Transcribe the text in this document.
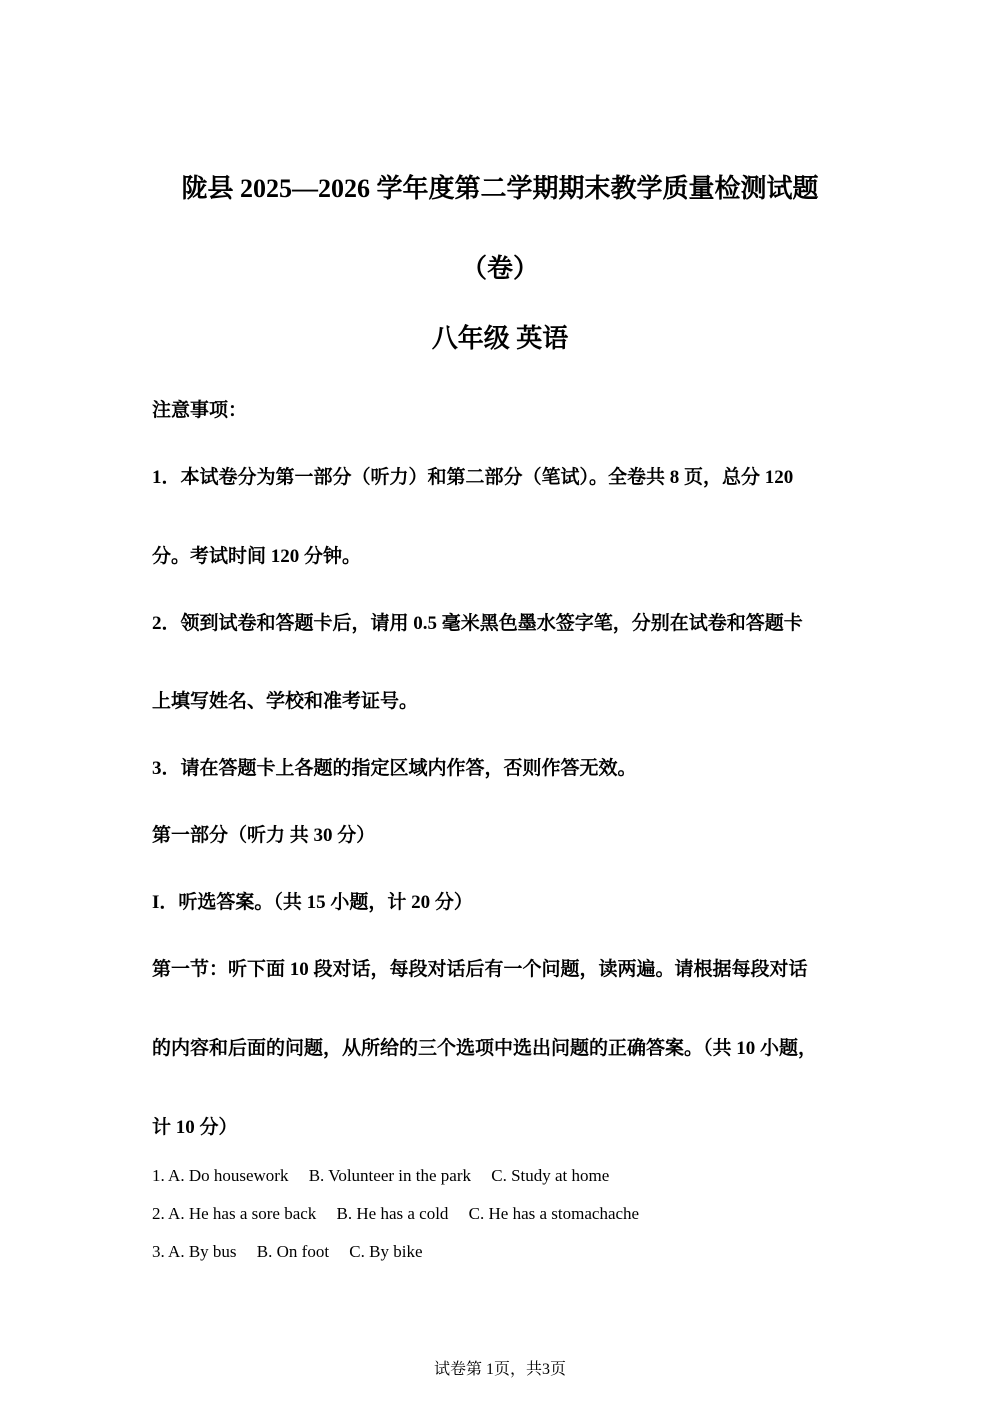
陇县 2025—2026 学年度第二学期期末教学质量检测试题
（卷）
八年级 英语
注意事项：
1．本试卷分为第一部分（听力）和第二部分（笔试）。全卷共 8 页，总分 120
分。考试时间 120 分钟。
2．领到试卷和答题卡后，请用 0.5 毫米黑色墨水签字笔，分别在试卷和答题卡
上填写姓名、学校和准考证号。
3．请在答题卡上各题的指定区域内作答，否则作答无效。
第一部分（听力 共 30 分）
I．听选答案。（共 15 小题，计 20 分）
第一节：听下面 10 段对话，每段对话后有一个问题，读两遍。请根据每段对话
的内容和后面的问题，从所给的三个选项中选出问题的正确答案。（共 10 小题，
计 10 分）
1. A. Do housework B. Volunteer in the park C. Study at home
2. A. He has a sore back B. He has a cold C. He has a stomachache
3. A. By bus B. On foot C. By bike
试卷第 1页，共3页
